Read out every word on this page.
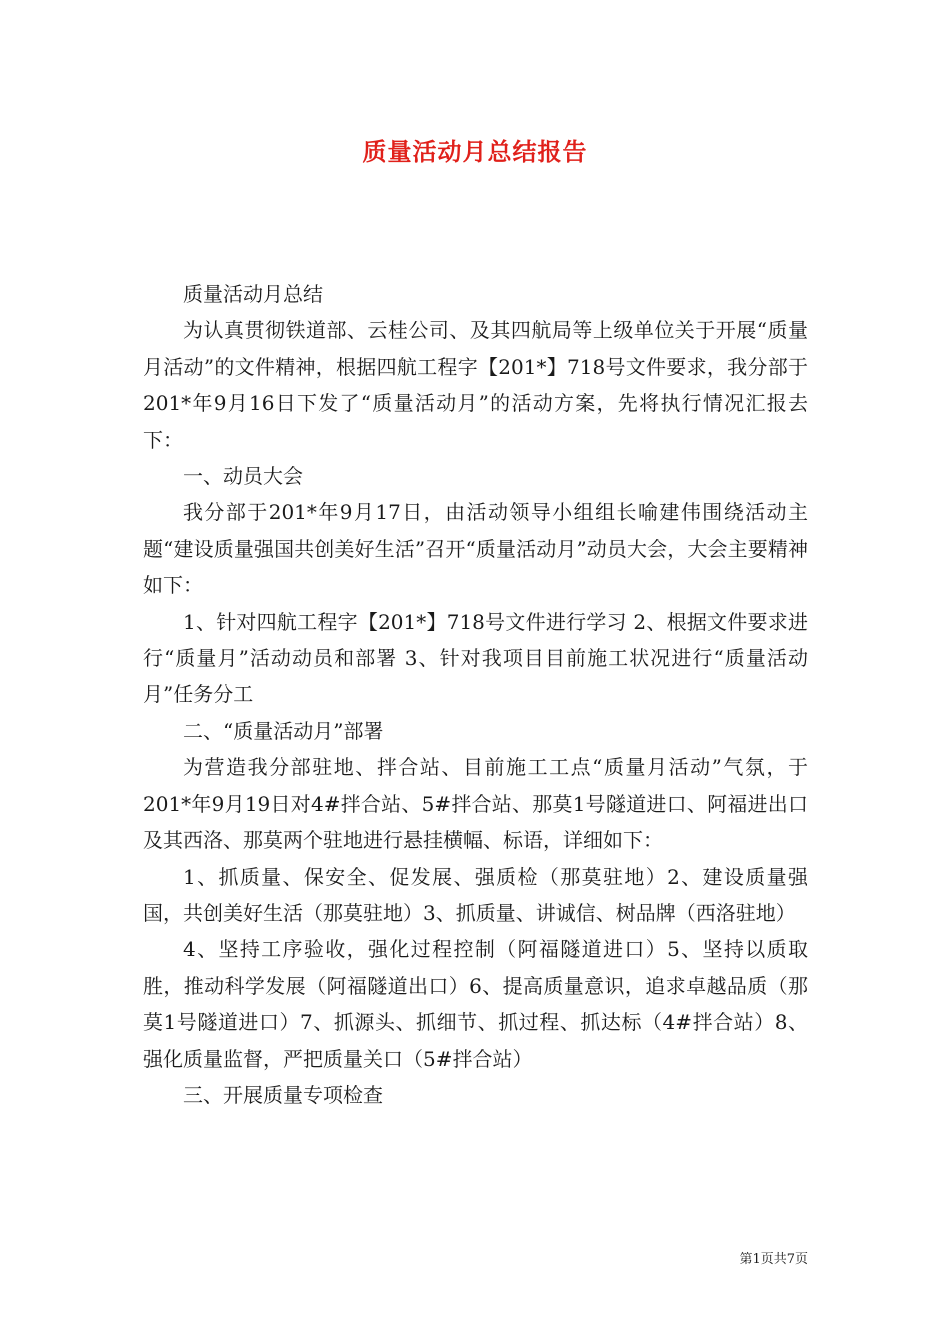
质量活动月总结报告

质量活动月总结

为认真贯彻铁道部、云桂公司、及其四航局等上级单位关于开展“质量月活动”的文件精神，根据四航工程字【201*】718号文件要求，我分部于201*年9月16日下发了“质量活动月”的活动方案，先将执行情况汇报去下：

一、动员大会

我分部于201*年9月17日，由活动领导小组组长喻建伟围绕活动主题“建设质量强国共创美好生活”召开“质量活动月”动员大会，大会主要精神如下：

1、针对四航工程字【201*】718号文件进行学习 2、根据文件要求进行“质量月”活动动员和部署 3、针对我项目目前施工状况进行“质量活动月”任务分工

二、“质量活动月”部署

为营造我分部驻地、拌合站、目前施工工点“质量月活动”气氛，于201*年9月19日对4#拌合站、5#拌合站、那莫1号隧道进口、阿福进出口及其西洛、那莫两个驻地进行悬挂横幅、标语，详细如下：

1、抓质量、保安全、促发展、强质检（那莫驻地）2、建设质量强国，共创美好生活（那莫驻地）3、抓质量、讲诚信、树品牌（西洛驻地）

4、坚持工序验收，强化过程控制（阿福隧道进口）5、坚持以质取胜，推动科学发展（阿福隧道出口）6、提高质量意识，追求卓越品质（那莫1号隧道进口）7、抓源头、抓细节、抓过程、抓达标（4#拌合站）8、强化质量监督，严把质量关口（5#拌合站）

三、开展质量专项检查

第1页共7页
